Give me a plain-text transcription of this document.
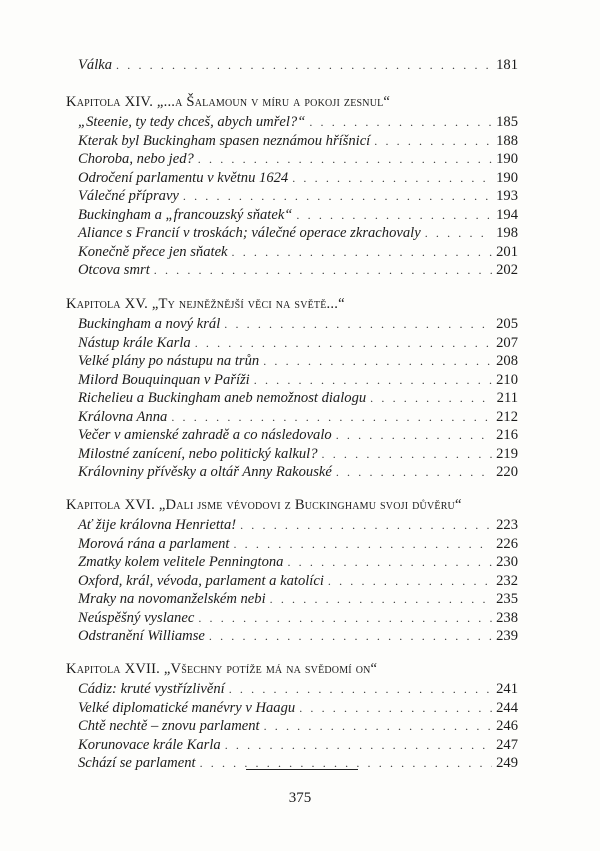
Válka . . .	181
Kapitola XIV. „...a Šalamoun v míru a pokoji zesnul“
„Steenie, ty tedy chceš, abych umřel?“ . . .	185
Kterak byl Buckingham spasen neznámou hříšnicí . . .	188
Choroba, nebo jed? . . .	190
Odročení parlamentu v květnu 1624 . . .	190
Válečné přípravy . . .	193
Buckingham a „francouzský sňatek“ . . .	194
Aliance s Francií v troskách; válečné operace zkrachovaly . . .	198
Konečně přece jen sňatek . . .	201
Otcova smrt . . .	202
Kapitola XV. „Ty nejněžnější věci na světě...“
Buckingham a nový král . . .	205
Nástup krále Karla . . .	207
Velké plány po nástupu na trůn . . .	208
Milord Bouquinquan v Paříži . . .	210
Richelieu a Buckingham aneb nemožnost dialogu . . .	211
Královna Anna . . .	212
Večer v amienské zahradě a co následovalo . . .	216
Milostné zanícení, nebo politický kalkul? . . .	219
Královniny přívěsky a oltář Anny Rakouské . . .	220
Kapitola XVI. „Dali jsme vévodovi z Buckinghamu svoji důvěru“
Ať žije královna Henrietta! . . .	223
Morová rána a parlament . . .	226
Zmatky kolem velitele Penningtona . . .	230
Oxford, král, vévoda, parlament a katolíci . . .	232
Mraky na novomanželském nebi . . .	235
Neúspěšný vyslanec . . .	238
Odstranění Williamse . . .	239
Kapitola XVII. „Všechny potíže má na svědomí on“
Cádiz: kruté vystřízlivění . . .	241
Velké diplomatické manévry v Haagu . . .	244
Chtě nechtě – znovu parlament . . .	246
Korunovace krále Karla . . .	247
Schází se parlament . . .	249
375
